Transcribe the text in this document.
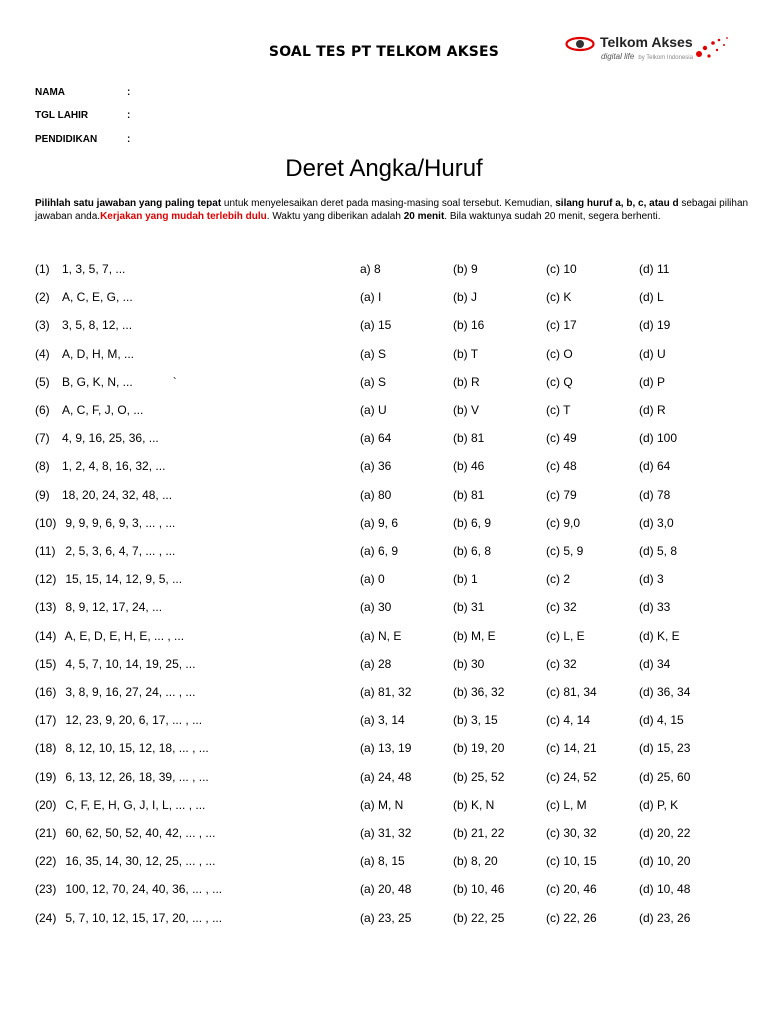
SOAL TES PT TELKOM AKSES
Telkom Akses
digital life by Telkom Indonesia
NAMA	:
TGL LAHIR	:
PENDIDIKAN	:
Deret Angka/Huruf
Pilihlah satu jawaban yang paling tepat untuk menyelesaikan deret pada masing-masing soal tersebut. Kemudian, silang huruf a, b, c, atau d sebagai pilihan jawaban anda.Kerjakan yang mudah terlebih dulu. Waktu yang diberikan adalah 20 menit. Bila waktunya sudah 20 menit, segera berhenti.
(1) 1, 3, 5, 7, ...	a) 8	(b) 9	(c) 10	(d) 11
(2) A, C, E, G, ...	(a) I	(b) J	(c) K	(d) L
(3) 3, 5, 8, 12, ...	(a) 15	(b) 16	(c) 17	(d) 19
(4) A, D, H, M, ...	(a) S	(b) T	(c) O	(d) U
(5) B, G, K, N, ...            `	(a) S	(b) R	(c) Q	(d) P
(6) A, C, F, J, O, ...	(a) U	(b) V	(c) T	(d) R
(7) 4, 9, 16, 25, 36, ...	(a) 64	(b) 81	(c) 49	(d) 100
(8) 1, 2, 4, 8, 16, 32, ...	(a) 36	(b) 46	(c) 48	(d) 64
(9) 18, 20, 24, 32, 48, ...	(a) 80	(b) 81	(c) 79	(d) 78
(10) 9, 9, 9, 6, 9, 3, ... , ...	(a) 9, 6	(b) 6, 9	(c) 9,0	(d) 3,0
(11) 2, 5, 3, 6, 4, 7, ... , ...	(a) 6, 9	(b) 6, 8	(c) 5, 9	(d) 5, 8
(12) 15, 15, 14, 12, 9, 5, ...	(a) 0	(b) 1	(c) 2	(d) 3
(13) 8, 9, 12, 17, 24, ...	(a) 30	(b) 31	(c) 32	(d) 33
(14) A, E, D, E, H, E, ... , ...	(a) N, E	(b) M, E	(c) L, E	(d) K, E
(15) 4, 5, 7, 10, 14, 19, 25, ...	(a) 28	(b) 30	(c) 32	(d) 34
(16) 3, 8, 9, 16, 27, 24, ... , ...	(a) 81, 32	(b) 36, 32	(c) 81, 34	(d) 36, 34
(17) 12, 23, 9, 20, 6, 17, ... , ...	(a) 3, 14	(b) 3, 15	(c) 4, 14	(d) 4, 15
(18) 8, 12, 10, 15, 12, 18, ... , ...	(a) 13, 19	(b) 19, 20	(c) 14, 21	(d) 15, 23
(19) 6, 13, 12, 26, 18, 39, ... , ...	(a) 24, 48	(b) 25, 52	(c) 24, 52	(d) 25, 60
(20) C, F, E, H, G, J, I, L, ... , ...	(a) M, N	(b) K, N	(c) L, M	(d) P, K
(21) 60, 62, 50, 52, 40, 42, ... , ...	(a) 31, 32	(b) 21, 22	(c) 30, 32	(d) 20, 22
(22) 16, 35, 14, 30, 12, 25, ... , ...	(a) 8, 15	(b) 8, 20	(c) 10, 15	(d) 10, 20
(23) 100, 12, 70, 24, 40, 36, ... , ...	(a) 20, 48	(b) 10, 46	(c) 20, 46	(d) 10, 48
(24) 5, 7, 10, 12, 15, 17, 20, ... , ...	(a) 23, 25	(b) 22, 25	(c) 22, 26	(d) 23, 26
